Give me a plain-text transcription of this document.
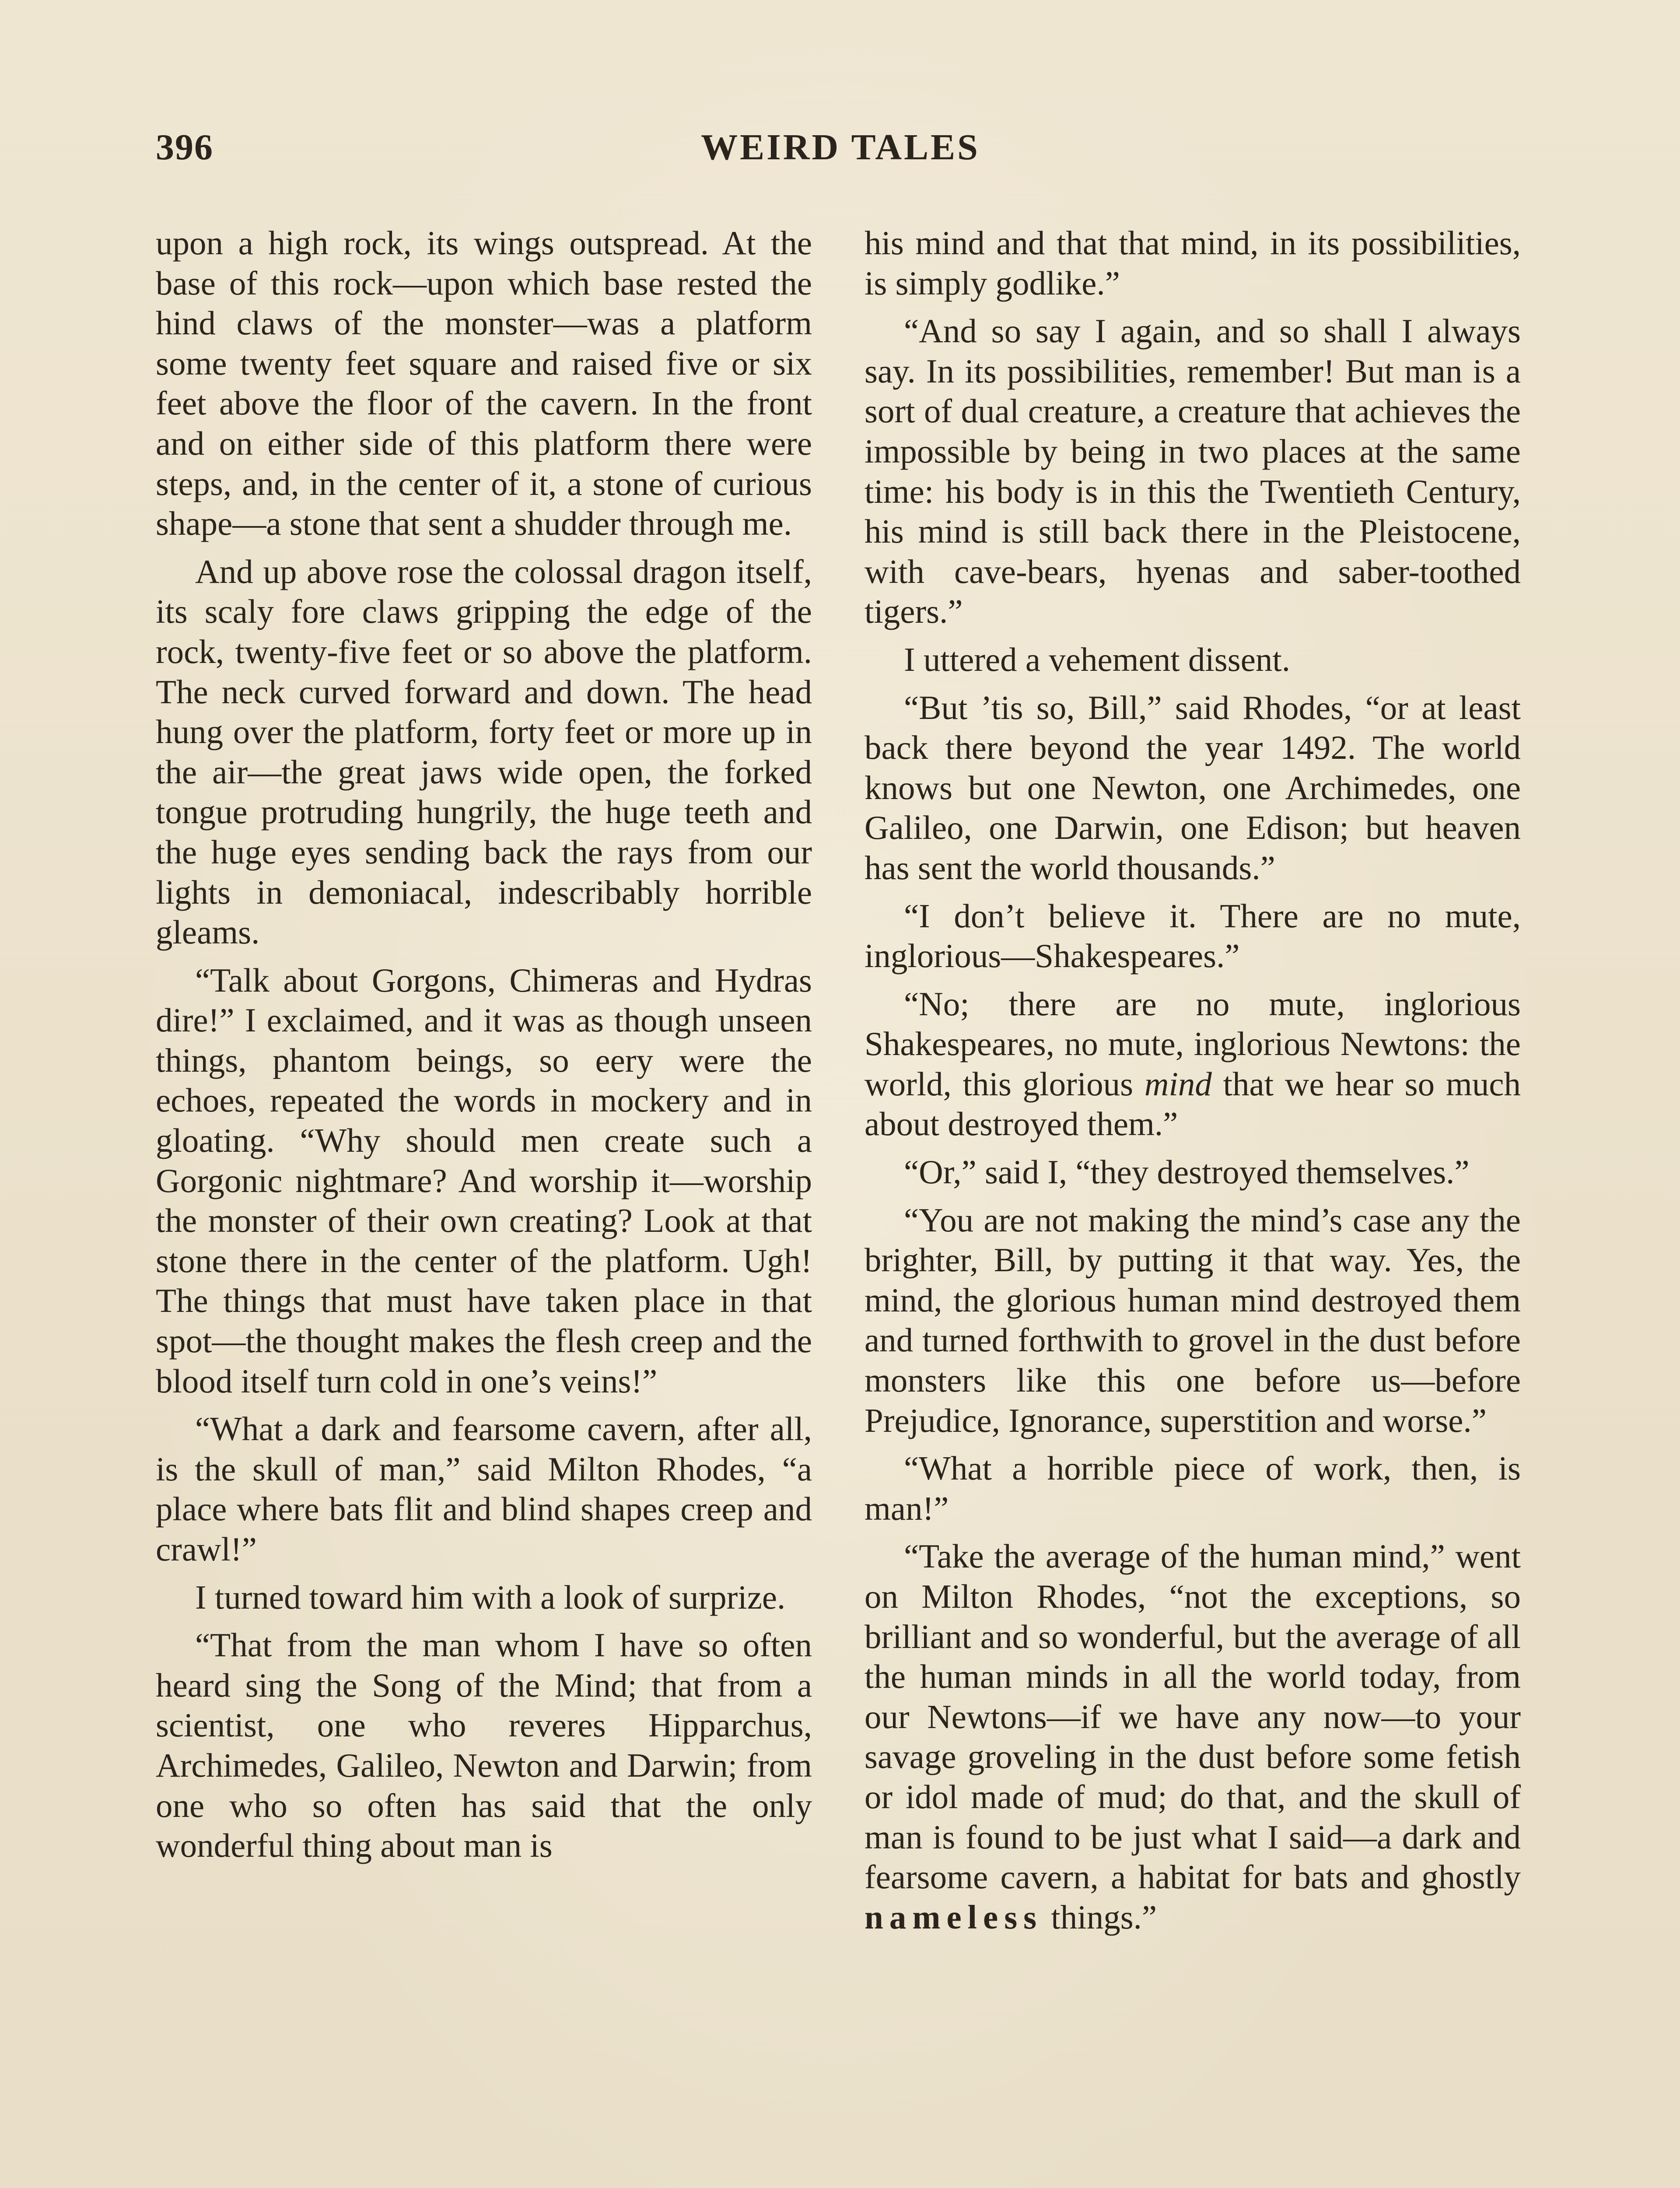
396	WEIRD TALES

upon a high rock, its wings outspread. At the base of this rock—upon which base rested the hind claws of the monster—was a platform some twenty feet square and raised five or six feet above the floor of the cavern. In the front and on either side of this platform there were steps, and, in the center of it, a stone of curious shape—a stone that sent a shudder through me.

And up above rose the colossal dragon itself, its scaly fore claws gripping the edge of the rock, twenty-five feet or so above the platform. The neck curved forward and down. The head hung over the platform, forty feet or more up in the air—the great jaws wide open, the forked tongue protruding hungrily, the huge teeth and the huge eyes sending back the rays from our lights in demoniacal, indescribably horrible gleams.

“Talk about Gorgons, Chimeras and Hydras dire!” I exclaimed, and it was as though unseen things, phantom beings, so eery were the echoes, repeated the words in mockery and in gloating. “Why should men create such a Gorgonic nightmare? And worship it—worship the monster of their own creating? Look at that stone there in the center of the platform. Ugh! The things that must have taken place in that spot—the thought makes the flesh creep and the blood itself turn cold in one’s veins!”

“What a dark and fearsome cavern, after all, is the skull of man,” said Milton Rhodes, “a place where bats flit and blind shapes creep and crawl!”

I turned toward him with a look of surprize.

“That from the man whom I have so often heard sing the Song of the Mind; that from a scientist, one who reveres Hipparchus, Archimedes, Galileo, Newton and Darwin; from one who so often has said that the only wonderful thing about man is

his mind and that that mind, in its possibilities, is simply godlike.”

“And so say I again, and so shall I always say. In its possibilities, remember! But man is a sort of dual creature, a creature that achieves the impossible by being in two places at the same time: his body is in this the Twentieth Century, his mind is still back there in the Pleistocene, with cave-bears, hyenas and saber-toothed tigers.”

I uttered a vehement dissent.

“But ’tis so, Bill,” said Rhodes, “or at least back there beyond the year 1492. The world knows but one Newton, one Archimedes, one Galileo, one Darwin, one Edison; but heaven has sent the world thousands.”

“I don’t believe it. There are no mute, inglorious—Shakespeares.”

“No; there are no mute, inglorious Shakespeares, no mute, inglorious Newtons: the world, this glorious mind that we hear so much about destroyed them.”

“Or,” said I, “they destroyed themselves.”

“You are not making the mind’s case any the brighter, Bill, by putting it that way. Yes, the mind, the glorious human mind destroyed them and turned forthwith to grovel in the dust before monsters like this one before us—before Prejudice, Ignorance, superstition and worse.”

“What a horrible piece of work, then, is man!”

“Take the average of the human mind,” went on Milton Rhodes, “not the exceptions, so brilliant and so wonderful, but the average of all the human minds in all the world today, from our Newtons—if we have any now—to your savage groveling in the dust before some fetish or idol made of mud; do that, and the skull of man is found to be just what I said—a dark and fearsome cavern, a habitat for bats and ghostly nameless things.”
